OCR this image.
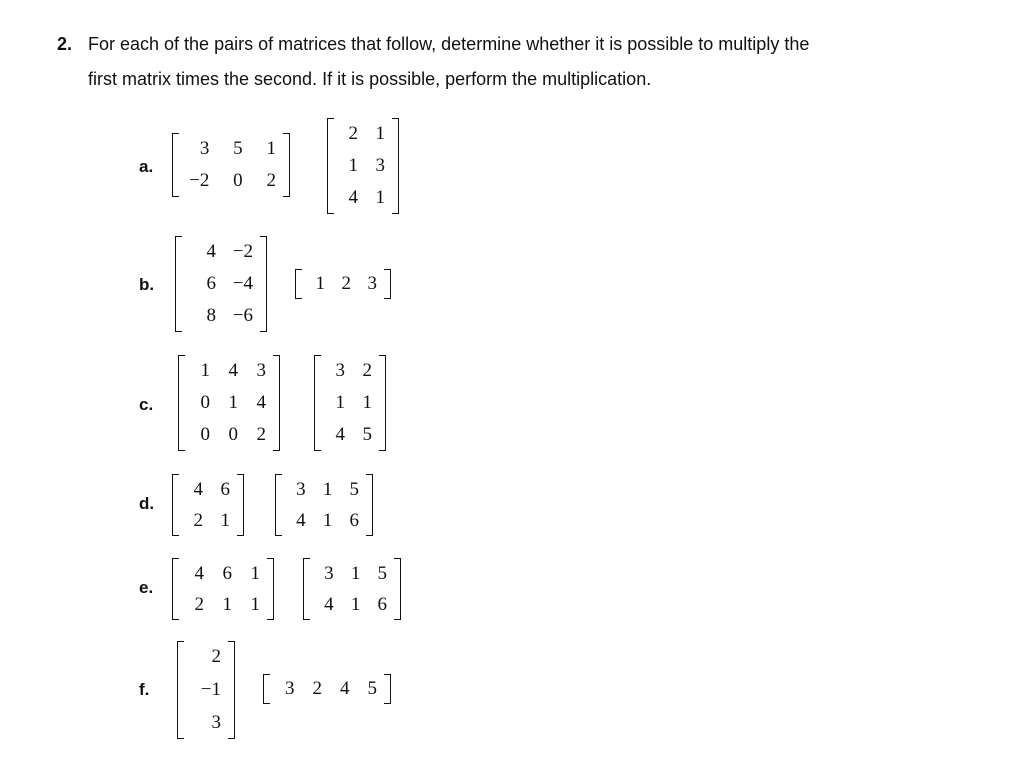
2. For each of the pairs of matrices that follow, determine whether it is possible to multiply the
first matrix times the second. If it is possible, perform the multiplication.
a.
3	5	1
−2	0	2
2 1
1 3
4 1
b.
4 −2
6 −4
8 −6
1 2 3
c.
1 4 3
0 1 4
0 0 2
3 2
1 1
4 5
d.
4 6
2 1
3 1 5
4 1 6
e.
4 6 1
2 1 1
3 1 5
4 1 6
f.
2
−1
3
3 2 4 5
